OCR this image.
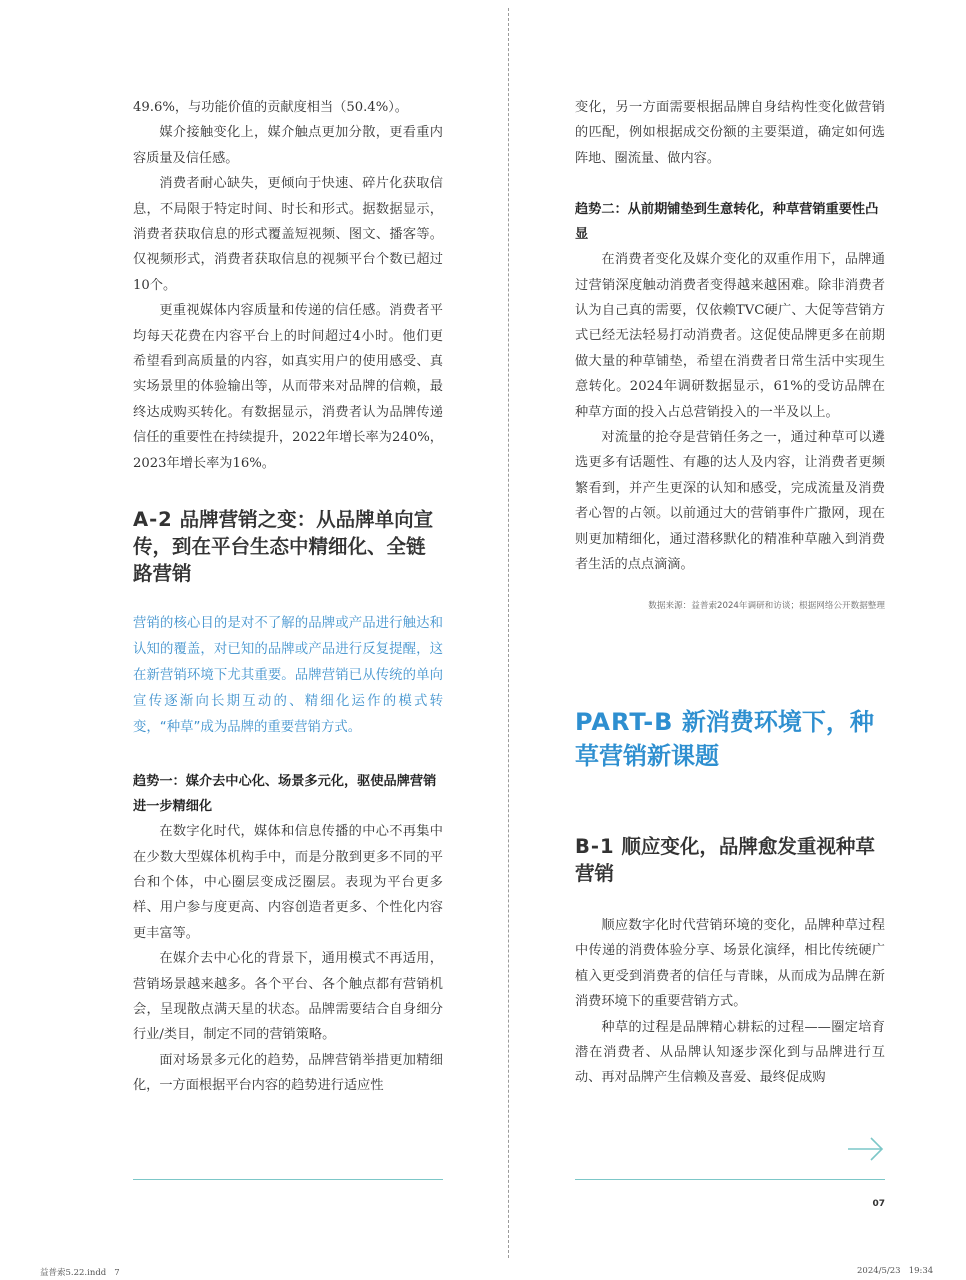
49.6%，与功能价值的贡献度相当（50.4%）。

媒介接触变化上，媒介触点更加分散，更看重内容质量及信任感。

消费者耐心缺失，更倾向于快速、碎片化获取信息，不局限于特定时间、时长和形式。据数据显示，消费者获取信息的形式覆盖短视频、图文、播客等。仅视频形式，消费者获取信息的视频平台个数已超过10个。

更重视媒体内容质量和传递的信任感。消费者平均每天花费在内容平台上的时间超过4小时。他们更希望看到高质量的内容，如真实用户的使用感受、真实场景里的体验输出等，从而带来对品牌的信赖，最终达成购买转化。有数据显示，消费者认为品牌传递信任的重要性在持续提升，2022年增长率为240%，2023年增长率为16%。

A-2 品牌营销之变：从品牌单向宣传，到在平台生态中精细化、全链路营销

营销的核心目的是对不了解的品牌或产品进行触达和认知的覆盖，对已知的品牌或产品进行反复提醒，这在新营销环境下尤其重要。品牌营销已从传统的单向宣传逐渐向长期互动的、精细化运作的模式转变，“种草”成为品牌的重要营销方式。

趋势一：媒介去中心化、场景多元化，驱使品牌营销进一步精细化

在数字化时代，媒体和信息传播的中心不再集中在少数大型媒体机构手中，而是分散到更多不同的平台和个体，中心圈层变成泛圈层。表现为平台更多样、用户参与度更高、内容创造者更多、个性化内容更丰富等。

在媒介去中心化的背景下，通用模式不再适用，营销场景越来越多。各个平台、各个触点都有营销机会，呈现散点满天星的状态。品牌需要结合自身细分行业/类目，制定不同的营销策略。

面对场景多元化的趋势，品牌营销举措更加精细化，一方面根据平台内容的趋势进行适应性

变化，另一方面需要根据品牌自身结构性变化做营销的匹配，例如根据成交份额的主要渠道，确定如何选阵地、圈流量、做内容。

趋势二：从前期铺垫到生意转化，种草营销重要性凸显

在消费者变化及媒介变化的双重作用下，品牌通过营销深度触动消费者变得越来越困难。除非消费者认为自己真的需要，仅依赖TVC硬广、大促等营销方式已经无法轻易打动消费者。这促使品牌更多在前期做大量的种草铺垫，希望在消费者日常生活中实现生意转化。2024年调研数据显示，61%的受访品牌在种草方面的投入占总营销投入的一半及以上。

对流量的抢夺是营销任务之一，通过种草可以遴选更多有话题性、有趣的达人及内容，让消费者更频繁看到，并产生更深的认知和感受，完成流量及消费者心智的占领。以前通过大的营销事件广撒网，现在则更加精细化，通过潜移默化的精准种草融入到消费者生活的点点滴滴。

数据来源：益普索2024年调研和访谈；根据网络公开数据整理

PART-B 新消费环境下，种草营销新课题
B-1 顺应变化，品牌愈发重视种草营销

顺应数字化时代营销环境的变化，品牌种草过程中传递的消费体验分享、场景化演绎，相比传统硬广植入更受到消费者的信任与青睐，从而成为品牌在新消费环境下的重要营销方式。

种草的过程是品牌精心耕耘的过程——圈定培育潜在消费者、从品牌认知逐步深化到与品牌进行互动、再对品牌产生信赖及喜爱、最终促成购

07
益普索5.22.indd   7	2024/5/23   19:34
